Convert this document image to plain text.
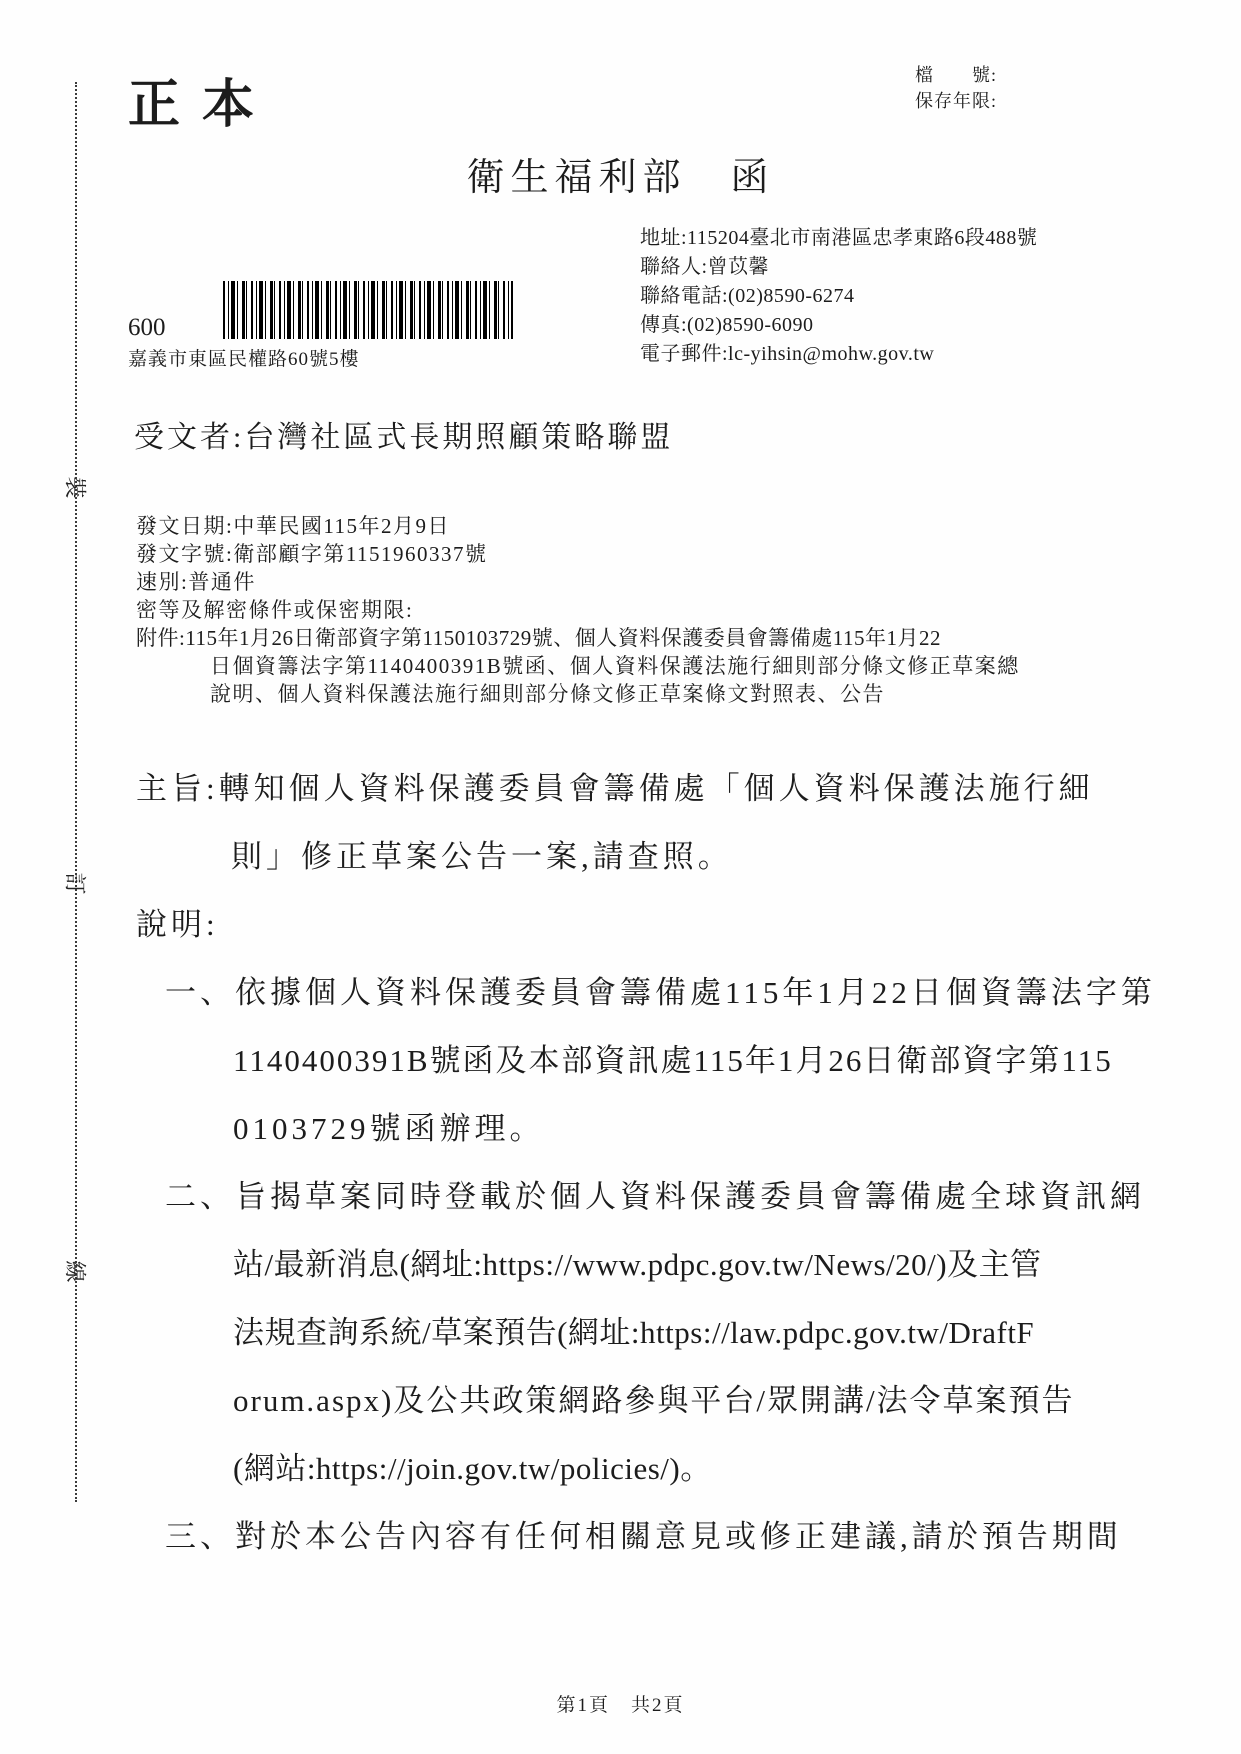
裝
訂
線
正本
檔　　號:
保存年限:
衛生福利部　函
地址:115204臺北市南港區忠孝東路6段488號
聯絡人:曾苡馨
聯絡電話:(02)8590-6274
傳真:(02)8590-6090
電子郵件:lc-yihsin@mohw.gov.tw
600
嘉義市東區民權路60號5樓
受文者:台灣社區式長期照顧策略聯盟
發文日期:中華民國115年2月9日
發文字號:衛部顧字第1151960337號
速別:普通件
密等及解密條件或保密期限:
附件:115年1月26日衛部資字第1150103729號、個人資料保護委員會籌備處115年1月22
日個資籌法字第1140400391B號函、個人資料保護法施行細則部分條文修正草案總
說明、個人資料保護法施行細則部分條文修正草案條文對照表、公告
主旨:轉知個人資料保護委員會籌備處「個人資料保護法施行細
則」修正草案公告一案,請查照。
說明:
一、依據個人資料保護委員會籌備處115年1月22日個資籌法字第
1140400391B號函及本部資訊處115年1月26日衛部資字第115
0103729號函辦理。
二、旨揭草案同時登載於個人資料保護委員會籌備處全球資訊網
站/最新消息(網址:https://www.pdpc.gov.tw/News/20/)及主管
法規查詢系統/草案預告(網址:https://law.pdpc.gov.tw/DraftF
orum.aspx)及公共政策網路參與平台/眾開講/法令草案預告
(網站:https://join.gov.tw/policies/)。
三、對於本公告內容有任何相關意見或修正建議,請於預告期間
第1頁　共2頁
